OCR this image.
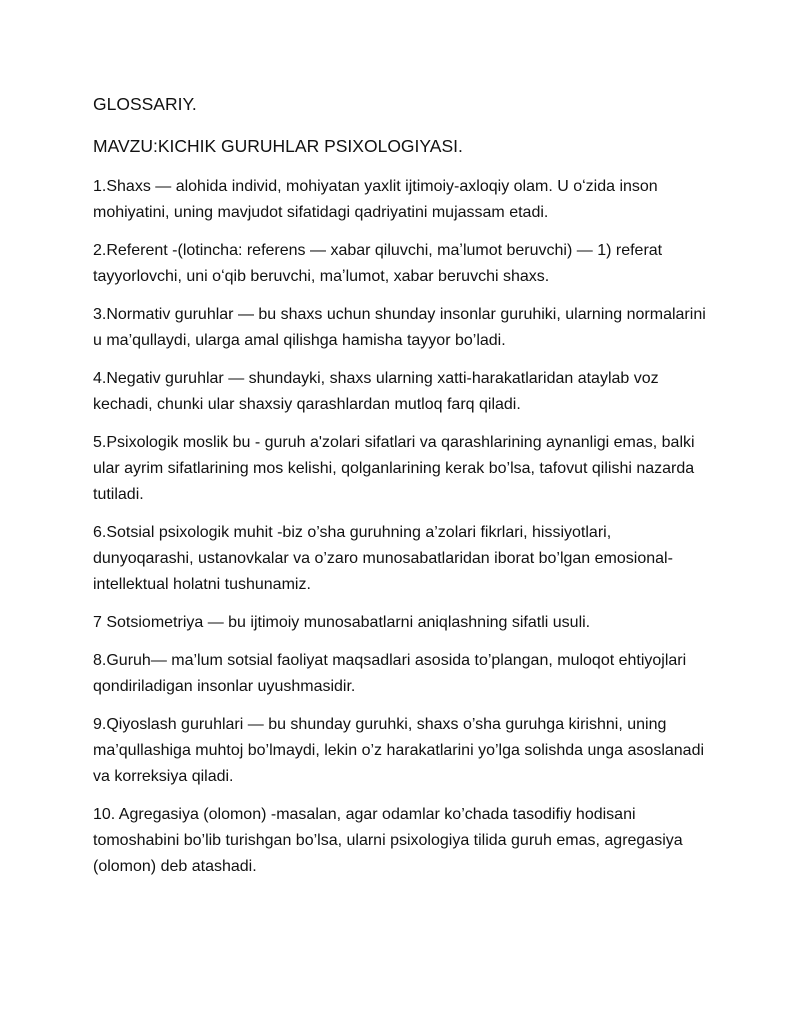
GLOSSARIY.

MAVZU:KICHIK GURUHLAR PSIXOLOGIYASI.

1.Shaxs — alohida individ, mohiyatan yaxlit ijtimoiy-axloqiy olam. U oʻzida inson mohiyatini, uning mavjudot sifatidagi qadriyatini mujassam etadi.

2.Referent -(lotincha: referens — xabar qiluvchi, maʼlumot beruvchi) — 1) referat tayyorlovchi, uni oʻqib beruvchi, maʼlumot, xabar beruvchi shaxs.

3.Normativ guruhlar — bu shaxs uchun shunday insonlar guruhiki, ularning normalarini u ma’qullaydi, ularga amal qilishga hamisha tayyor bo’ladi.

4.Negativ guruhlar — shundayki, shaxs ularning xatti-harakatlaridan ataylab voz kechadi, chunki ular shaxsiy qarashlardan mutloq farq qiladi.

5.Psixologik moslik bu - guruh a'zolari sifatlari va qarashlarining aynanligi emas, balki ular ayrim sifatlarining mos kelishi, qolganlarining kerak bo’lsa, tafovut qilishi nazarda tutiladi.

6.Sotsial psixologik muhit -biz o’sha guruhning a’zolari fikrlari, hissiyotlari, dunyoqarashi, ustanovkalar va o’zaro munosabatlaridan iborat bo’lgan emosional-intellektual holatni tushunamiz.

7 Sotsiometriya — bu ijtimoiy munosabatlarni aniqlashning sifatli usuli.

8.Guruh— ma’lum sotsial faoliyat maqsadlari asosida to’plangan, muloqot ehtiyojlari qondiriladigan insonlar uyushmasidir.

9.Qiyoslash guruhlari — bu shunday guruhki, shaxs o’sha guruhga kirishni, uning ma’qullashiga muhtoj bo’lmaydi, lekin o’z harakatlarini yo’lga solishda unga asoslanadi va korreksiya qiladi.

10. Agregasiya (olomon) -masalan, agar odamlar ko’chada tasodifiy hodisani tomoshabini bo’lib turishgan bo’lsa, ularni psixologiya tilida guruh emas, agregasiya (olomon) deb atashadi.
